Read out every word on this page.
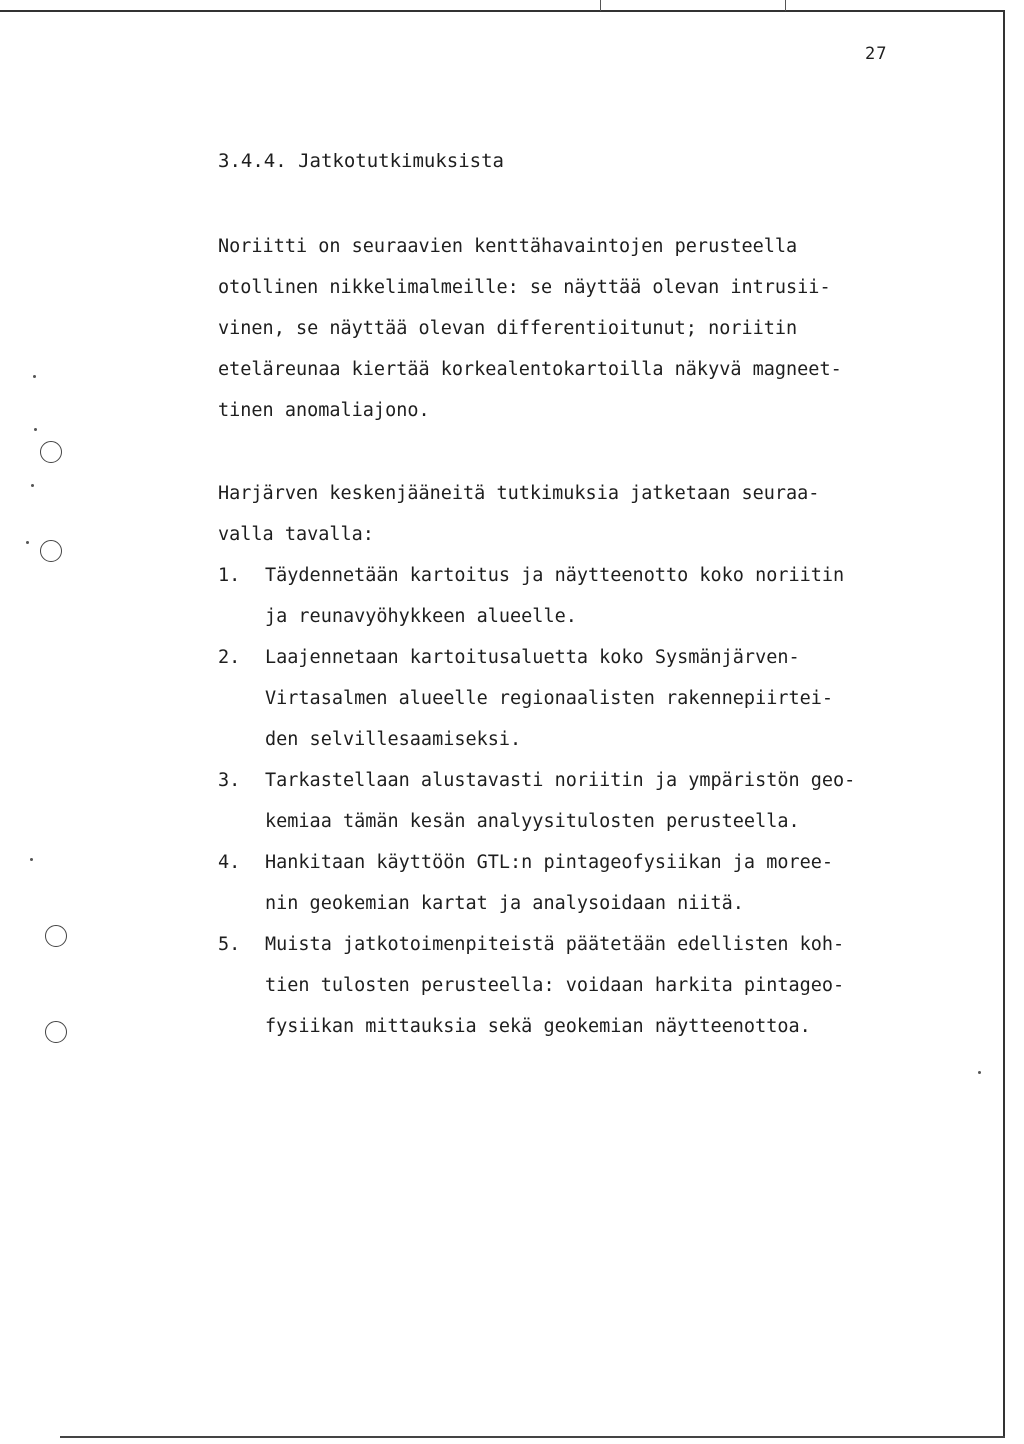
27
3.4.4. Jatkotutkimuksista
Noriitti on seuraavien kenttähavaintojen perusteella
otollinen nikkelimalmeille: se näyttää olevan intrusii-
vinen, se näyttää olevan differentioitunut; noriitin
eteläreunaa kiertää korkealentokartoilla näkyvä magneet-
tinen anomaliajono.
Harjärven keskenjääneitä tutkimuksia jatketaan seuraa-
valla tavalla:
1.	Täydennetään kartoitus ja näytteenotto koko noriitin
ja reunavyöhykkeen alueelle.
2.	Laajennetaan kartoitusaluetta koko Sysmänjärven-
Virtasalmen alueelle regionaalisten rakennepiirtei-
den selvillesaamiseksi.
3.	Tarkastellaan alustavasti noriitin ja ympäristön geo-
kemiaa tämän kesän analyysitulosten perusteella.
4.	Hankitaan käyttöön GTL:n pintageofysiikan ja moree-
nin geokemian kartat ja analysoidaan niitä.
5.	Muista jatkotoimenpiteistä päätetään edellisten koh-
tien tulosten perusteella: voidaan harkita pintageo-
fysiikan mittauksia sekä geokemian näytteenottoa.
